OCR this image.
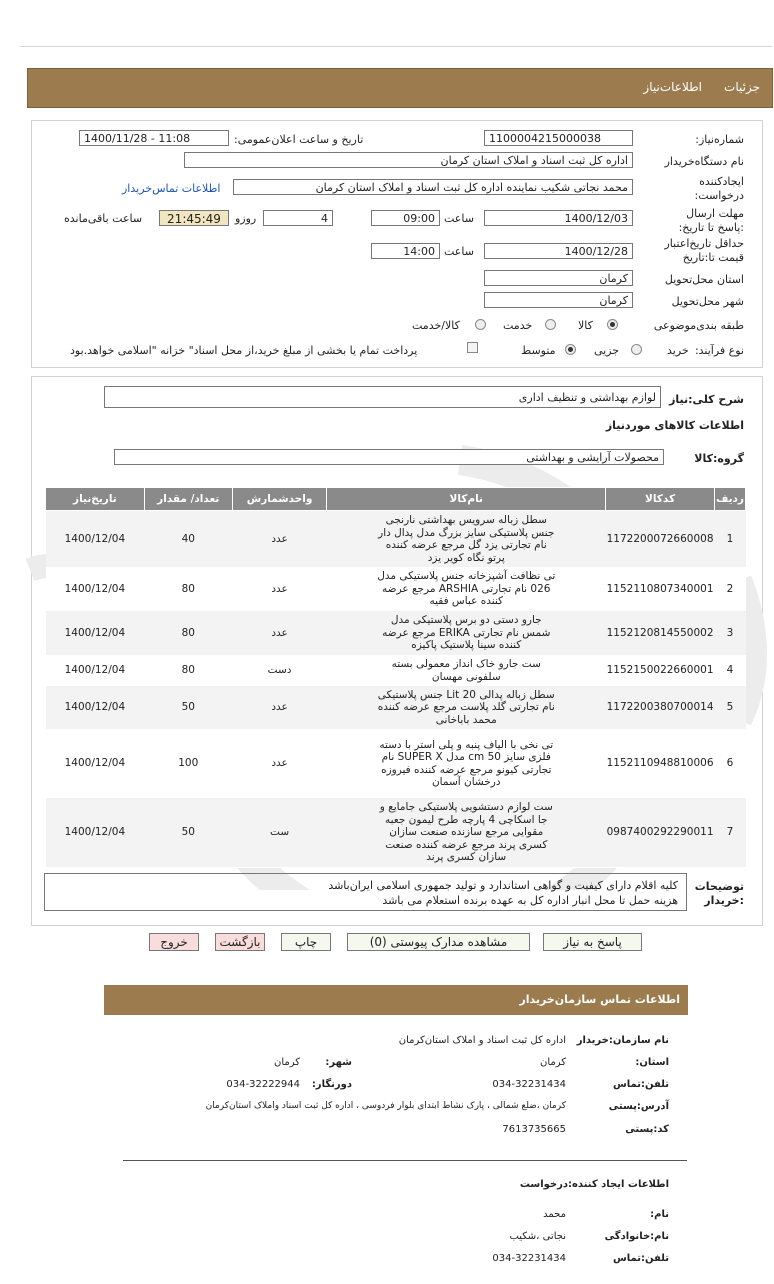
جزئیات
اطلاعات‌نیاز
شماره‌نیاز:
1100004215000038
تاریخ و ساعت اعلان‌عمومی:
1400/11/28 - 11:08
نام دستگاه‌خریدار
اداره کل ثبت اسناد و املاک استان کرمان
ایجادکننده درخواست:
محمد نجاتی شکیب نماینده اداره کل ثبت اسناد و املاک استان کرمان
اطلاعات تماس‌خریدار
مهلت ارسال :پاسخ تا تاریخ:
1400/12/03
ساعت
09:00
4
روزو
21:45:49
ساعت باقی‌مانده
حداقل تاریخ‌اعتبار قیمت تا:تاریخ
1400/12/28
ساعت
14:00
استان محل‌تحویل
کرمان
شهر محل‌تحویل
کرمان
طبقه بندی‌موضوعی
کالا
خدمت
کالا/خدمت
نوع فرآیند:
خرید
جزیی
متوسط
پرداخت تمام یا بخشی از مبلغ خرید،از محل اسناد" خزانه "اسلامی خواهد.بود
شرح کلی:نیاز
لوازم بهداشتی و تنظیف اداری
اطلاعات کالاهای موردنیاز
گروه:کالا
محصولات آرایشی و بهداشتی
ردیف	کدکالا	نام‌کالا	واحدشمارش	تعداد/ مقدار	تاریخ‌نیاز
1	1172200072660008	سطل زباله سرویس بهداشتی نارنجی جنس پلاستیکی سایز بزرگ مدل پدال دار نام تجارتی یزد گل مرجع عرضه کننده پرتو نگاه کویر یزد	عدد	40	1400/12/04
2	1152110807340001	تی نظافت آشپزخانه جنس پلاستیکی مدل 026 نام تجارتی ARSHIA مرجع عرضه کننده عباس فقیه	عدد	80	1400/12/04
3	1152120814550002	جارو دستی دو برس پلاستیکی مدل شمس نام تجارتی ERIKA مرجع عرضه کننده سینا پلاستیک پاکیزه	عدد	80	1400/12/04
4	1152150022660001	ست جارو خاک انداز معمولی بسته سلفونی مهسان	دست	80	1400/12/04
5	1172200380700014	سطل زباله پدالی 20 Lit جنس پلاستیکی نام تجارتی گلد پلاست مرجع عرضه کننده محمد باباخانی	عدد	50	1400/12/04
6	1152110948810006	تی نخی با الیاف پنبه و پلی استر با دسته فلزی سایز 50 cm مدل SUPER X نام تجارتی کیونو مرجع عرضه کننده فیروزه درخشان آسمان	عدد	100	1400/12/04
7	0987400292290011	ست لوازم دستشویی پلاستیکی جامایع و جا اسکاچی 4 پارچه طرح لیمون جعبه مقوایی مرجع سازنده صنعت سازان کسری پرند مرجع عرضه کننده صنعت سازان کسری پرند	ست	50	1400/12/04
توضیحات :خریدار
کلیه اقلام دارای کیفیت و گواهی استاندارد و تولید جمهوری اسلامی ایران‌باشد
هزینه حمل تا محل انبار اداره کل به عهده برنده استعلام می باشد
پاسخ به نیاز
مشاهده مدارک پیوستی (0)
چاپ
بازگشت
خروج
اطلاعات تماس سازمان‌خریدار
نام سازمان:خریدار
اداره کل ثبت اسناد و املاک استان‌کرمان
استان:
کرمان
شهر:
کرمان
تلفن:تماس
034-32231434
دورنگار:
034-32222944
آدرس:پستی
کرمان ،ضلع شمالی ، پارک نشاط ابتدای بلوار فردوسی ، اداره کل ثبت اسناد واملاک استان‌کرمان
کد:پستی
7613735665
اطلاعات ایجاد کننده:درخواست
نام:
محمد
نام:خانوادگی
نجاتی ،شکیب
تلفن:تماس
034-32231434
